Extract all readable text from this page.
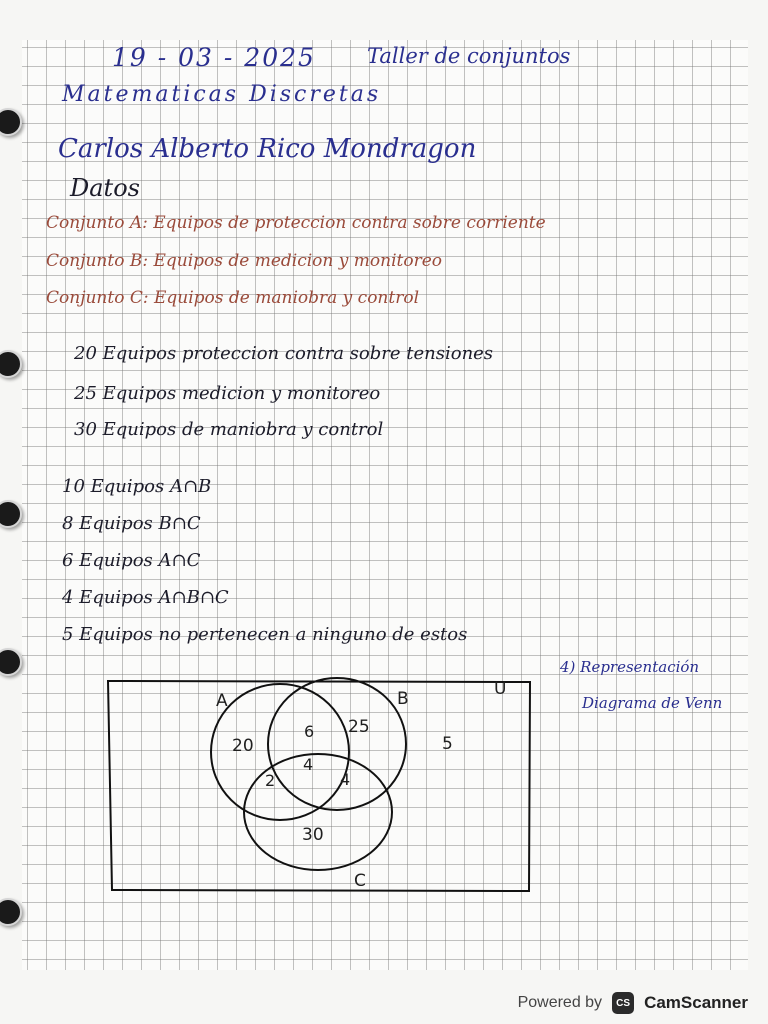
19 - 03 - 2025 Taller de conjuntos
Matematicas Discretas
Carlos Alberto Rico Mondragon
Datos
Conjunto A: Equipos de proteccion contra sobre corriente
Conjunto B: Equipos de medicion y monitoreo
Conjunto C: Equipos de maniobra y control
20 Equipos proteccion contra sobre tensiones
25 Equipos medicion y monitoreo
30 Equipos de maniobra y control
10 Equipos A∩B
8 Equipos B∩C
6 Equipos A∩C
4 Equipos A∩B∩C
5 Equipos no pertenecen a ninguno de estos
4) Representación
Diagrama de Venn
A	B
C
U
20
6 25
4
2	4
30
5
Powered by	CS CamScanner
